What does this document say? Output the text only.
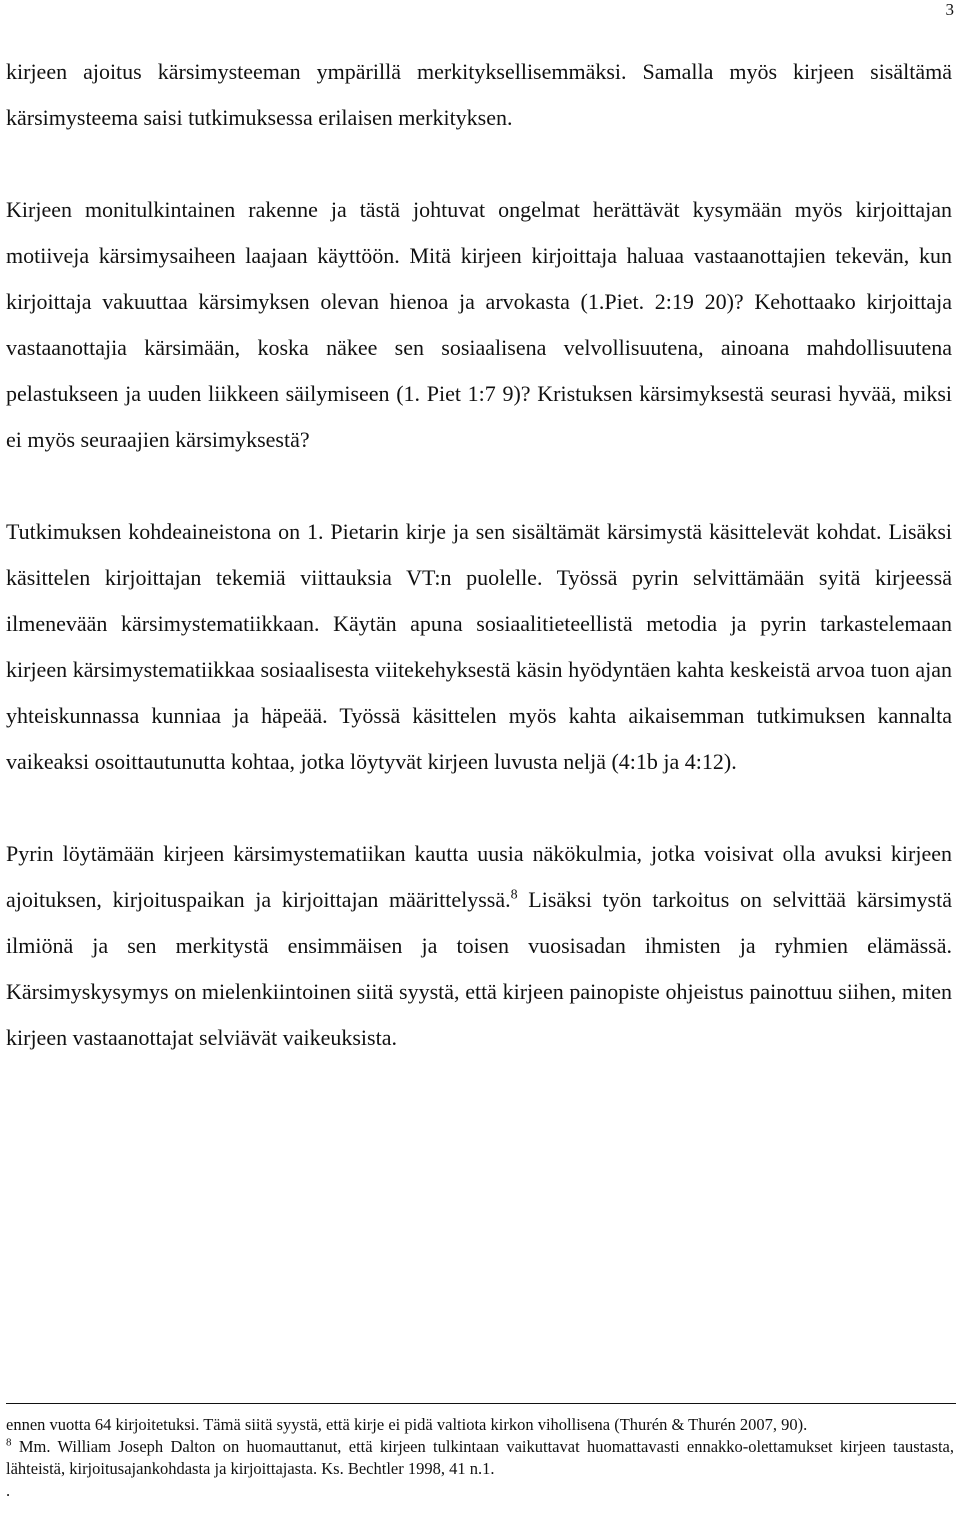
3

kirjeen ajoitus kärsimysteeman ympärillä merkityksellisemmäksi. Samalla myös kirjeen sisältämä kärsimysteema saisi tutkimuksessa erilaisen merkityksen.

Kirjeen monitulkintainen rakenne ja tästä johtuvat ongelmat herättävät kysymään myös kirjoittajan motiiveja kärsimysaiheen laajaan käyttöön. Mitä kirjeen kirjoittaja haluaa vastaanottajien tekevän, kun kirjoittaja vakuuttaa kärsimyksen olevan hienoa ja arvokasta (1.Piet. 2:19 20)? Kehottaako kirjoittaja vastaanottajia kärsimään, koska näkee sen sosiaalisena velvollisuutena, ainoana mahdollisuutena pelastukseen ja uuden liikkeen säilymiseen (1. Piet 1:7 9)? Kristuksen kärsimyksestä seurasi hyvää, miksi ei myös seuraajien kärsimyksestä?

Tutkimuksen kohdeaineistona on 1. Pietarin kirje ja sen sisältämät kärsimystä käsittelevät kohdat. Lisäksi käsittelen kirjoittajan tekemiä viittauksia VT:n puolelle. Työssä pyrin selvittämään syitä kirjeessä ilmenevään kärsimystematiikkaan. Käytän apuna sosiaalitieteellistä metodia ja pyrin tarkastelemaan kirjeen kärsimystematiikkaa sosiaalisesta viitekehyksestä käsin hyödyntäen kahta keskeistä arvoa tuon ajan yhteiskunnassa kunniaa ja häpeää. Työssä käsittelen myös kahta aikaisemman tutkimuksen kannalta vaikeaksi osoittautunutta kohtaa, jotka löytyvät kirjeen luvusta neljä (4:1b ja 4:12).

Pyrin löytämään kirjeen kärsimystematiikan kautta uusia näkökulmia, jotka voisivat olla avuksi kirjeen ajoituksen, kirjoituspaikan ja kirjoittajan määrittelyssä.$^8$ Lisäksi työn tarkoitus on selvittää kärsimystä ilmiönä ja sen merkitystä ensimmäisen ja toisen vuosisadan ihmisten ja ryhmien elämässä. Kärsimyskysymys on mielenkiintoinen siitä syystä, että kirjeen painopiste ohjeistus painottuu siihen, miten kirjeen vastaanottajat selviävät vaikeuksista.

ennen vuotta 64 kirjoitetuksi. Tämä siitä syystä, että kirje ei pidä valtiota kirkon vihollisena (Thurén & Thurén 2007, 90).

$^8$ Mm. William Joseph Dalton on huomauttanut, että kirjeen tulkintaan vaikuttavat huomattavasti ennakko-olettamukset kirjeen taustasta, lähteistä, kirjoitusajankohdasta ja kirjoittajasta. Ks. Bechtler 1998, 41 n.1.

.
